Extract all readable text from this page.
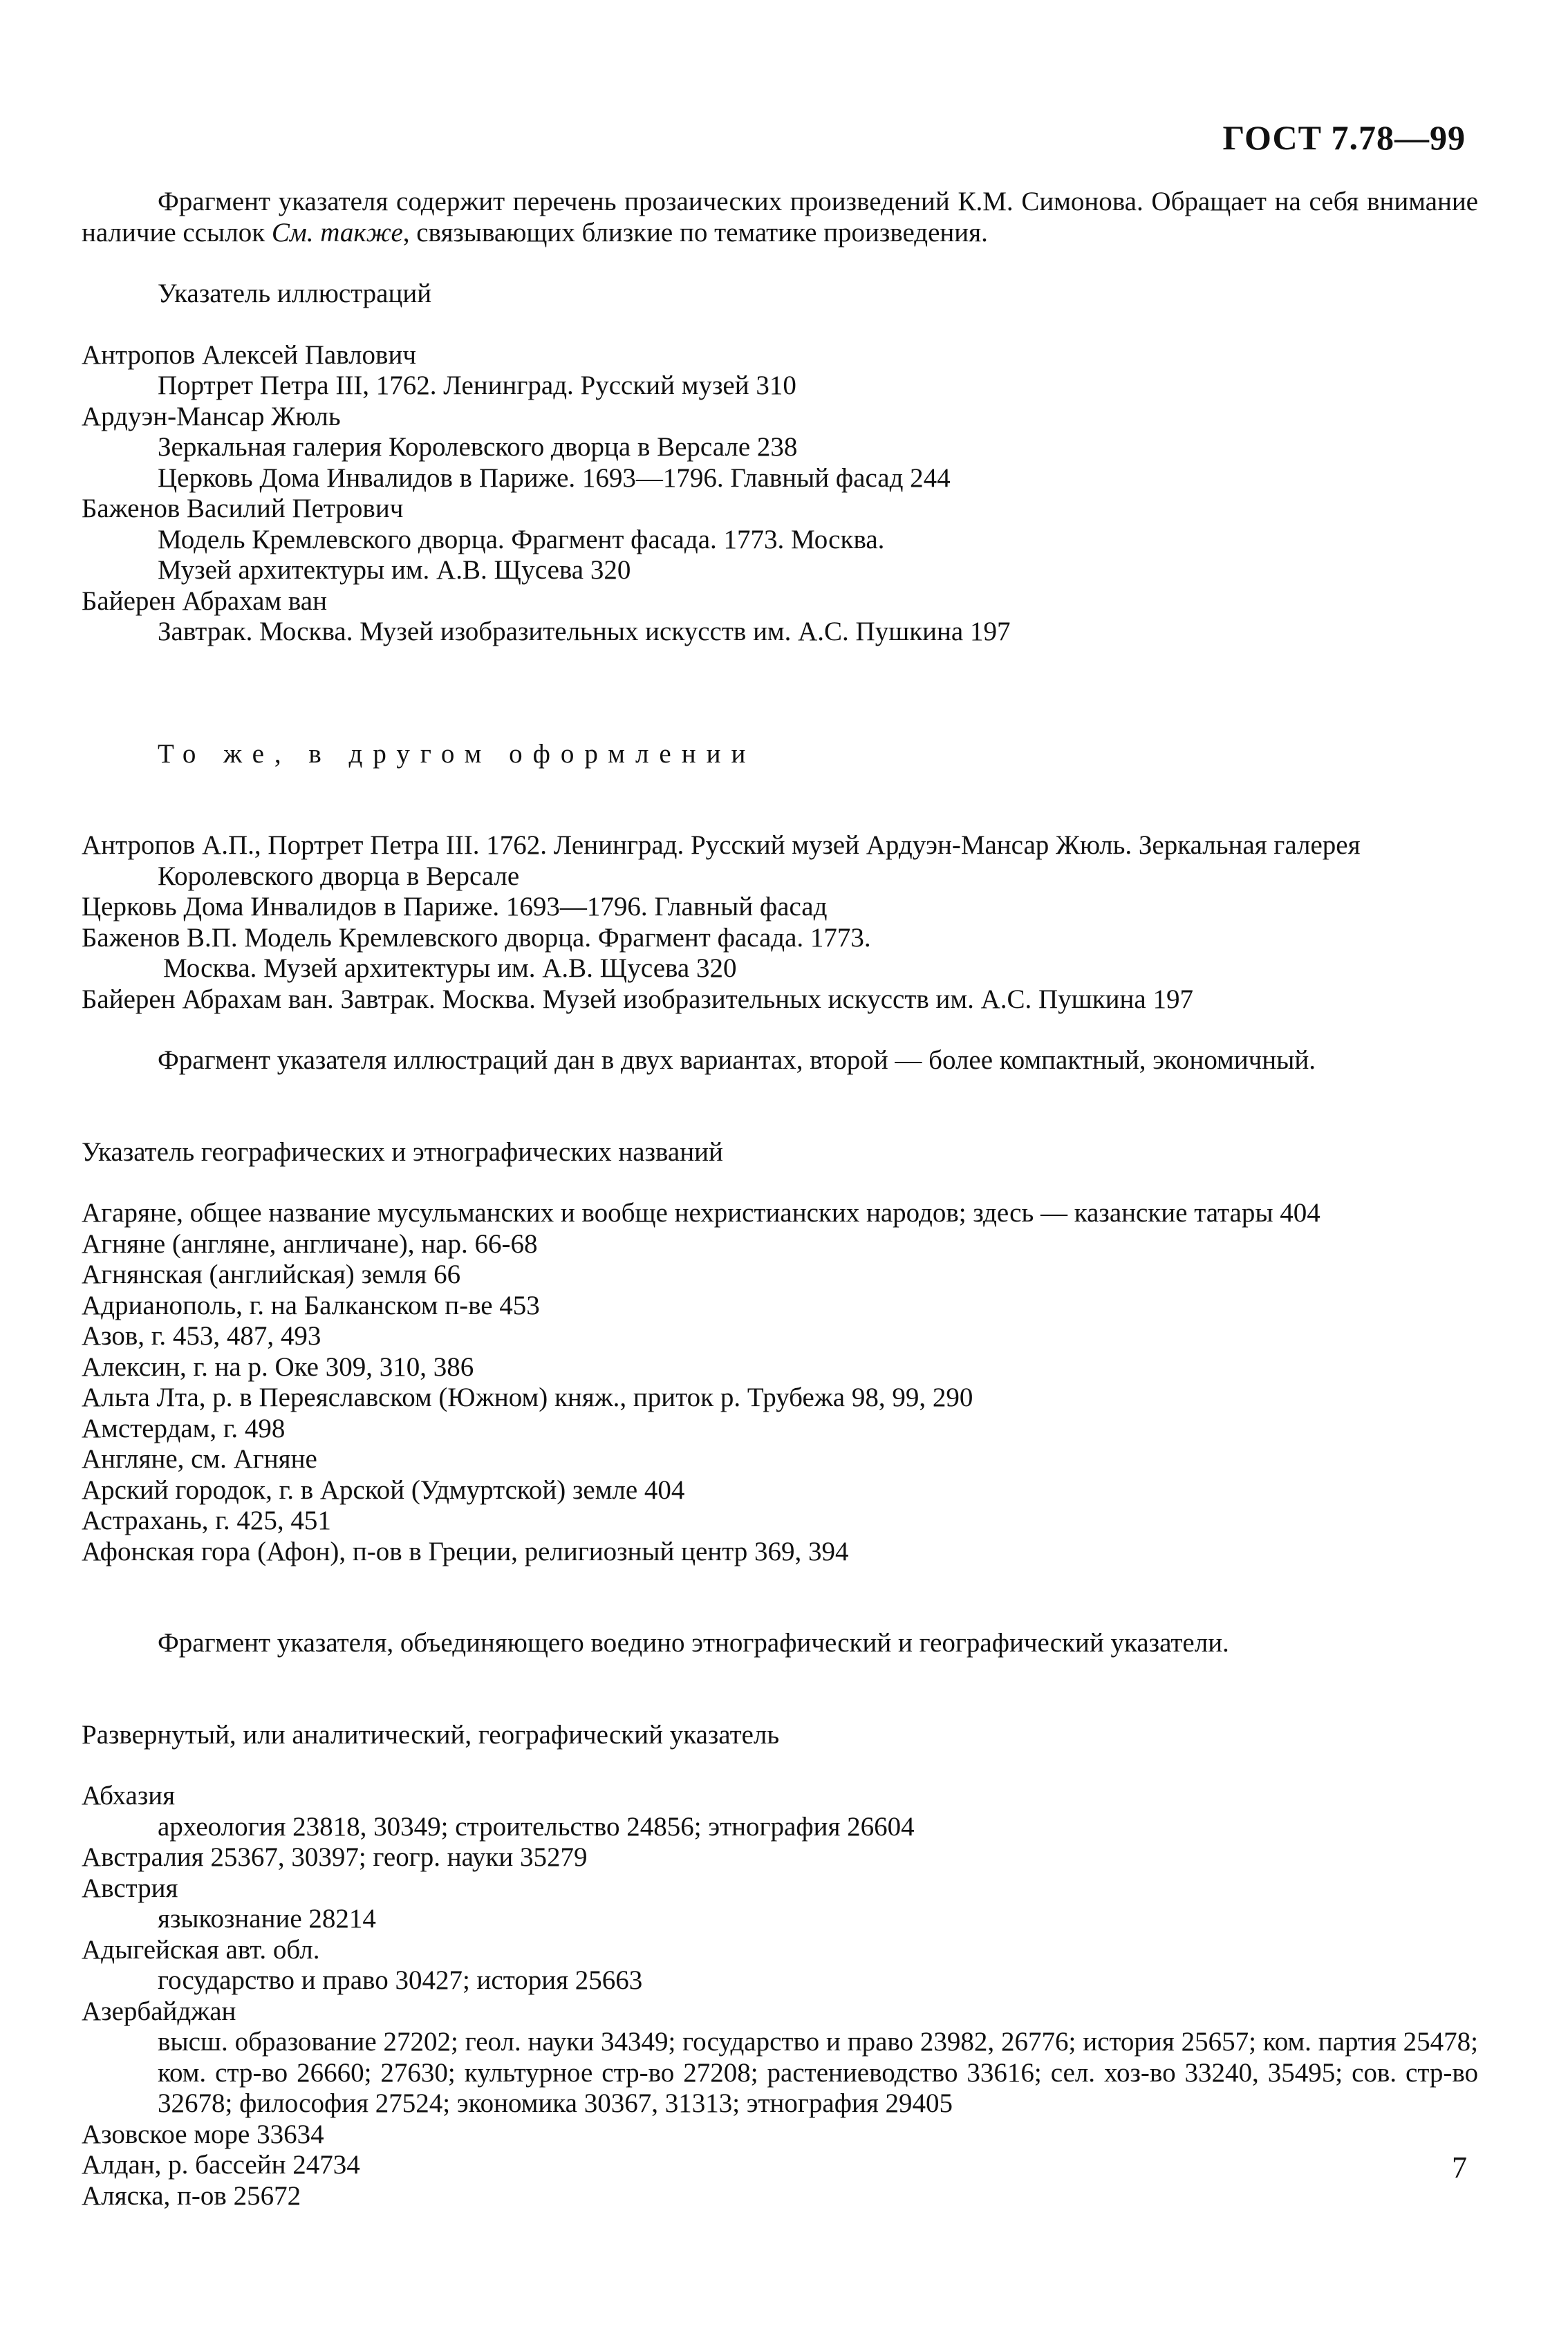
ГОСТ 7.78—99

Фрагмент указателя содержит перечень прозаических произведений К.М. Симонова. Обращает на себя внимание наличие ссылок См. также, связывающих близкие по тематике произведения.

Указатель иллюстраций

Антропов Алексей Павлович

Портрет Петра III, 1762. Ленинград. Русский музей 310

Ардуэн-Мансар Жюль

Зеркальная галерия Королевского дворца в Версале 238

Церковь Дома Инвалидов в Париже. 1693—1796. Главный фасад 244

Баженов Василий Петрович

Модель Кремлевского дворца. Фрагмент фасада. 1773. Москва.

Музей архитектуры им. А.В. Щусева 320

Байерен Абрахам ван

Завтрак. Москва. Музей изобразительных искусств им. А.С. Пушкина 197

То же, в другом оформлении

Антропов А.П., Портрет Петра III. 1762. Ленинград. Русский музей Ардуэн-Мансар Жюль. Зеркальная галерея

Королевского дворца в Версале

Церковь Дома Инвалидов в Париже. 1693—1796. Главный фасад

Баженов В.П. Модель Кремлевского дворца. Фрагмент фасада. 1773.

Москва. Музей архитектуры им. А.В. Щусева 320

Байерен Абрахам ван. Завтрак. Москва. Музей изобразительных искусств им. А.С. Пушкина 197

Фрагмент указателя иллюстраций дан в двух вариантах, второй — более компактный, экономичный.

Указатель географических и этнографических названий

Агаряне, общее название мусульманских и вообще нехристианских народов; здесь — казанские татары 404

Агняне (англяне, англичане), нар. 66-68

Агнянская (английская) земля 66

Адрианополь, г. на Балканском п-ве 453

Азов, г. 453, 487, 493

Алексин, г. на р. Оке 309, 310, 386

Альта Лта, р. в Переяславском (Южном) княж., приток р. Трубежа 98, 99, 290

Амстердам, г. 498

Англяне, см. Агняне

Арский городок, г. в Арской (Удмуртской) земле 404

Астрахань, г. 425, 451

Афонская гора (Афон), п-ов в Греции, религиозный центр 369, 394

Фрагмент указателя, объединяющего воедино этнографический и географический указатели.

Развернутый, или аналитический, географический указатель

Абхазия

археология 23818, 30349; строительство 24856; этнография 26604

Австралия 25367, 30397; геогр. науки 35279

Австрия

языкознание 28214

Адыгейская авт. обл.

государство и право 30427; история 25663

Азербайджан

высш. образование 27202; геол. науки 34349; государство и право 23982, 26776; история 25657; ком. партия 25478; ком. стр-во 26660; 27630; культурное стр-во 27208; растениеводство 33616; сел. хоз-во 33240, 35495; сов. стр-во 32678; философия 27524; экономика 30367, 31313; этнография 29405

Азовское море 33634

Алдан, р. бассейн 24734

Аляска, п-ов 25672

7
